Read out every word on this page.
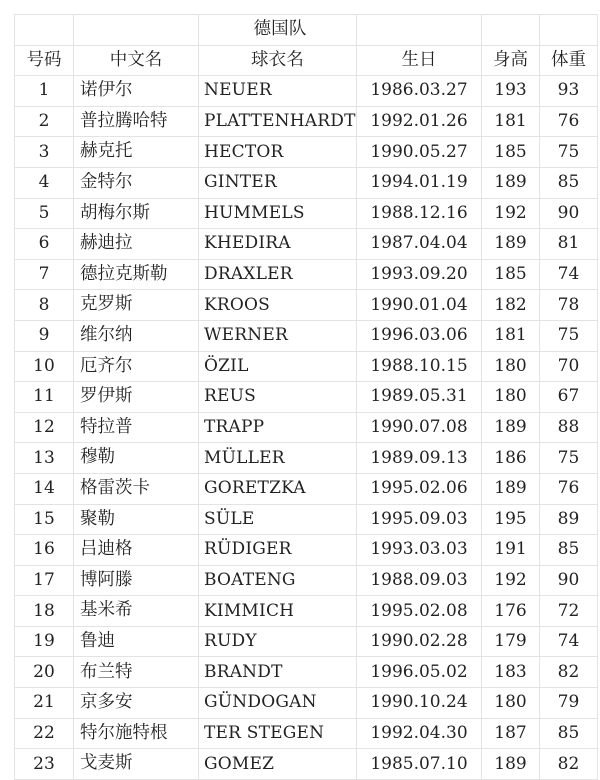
		德国队			
号码	中文名	球衣名	生日	身高	体重
1	诺伊尔	NEUER	1986.03.27	193	93
2	普拉腾哈特	PLATTENHARDT	1992.01.26	181	76
3	赫克托	HECTOR	1990.05.27	185	75
4	金特尔	GINTER	1994.01.19	189	85
5	胡梅尔斯	HUMMELS	1988.12.16	192	90
6	赫迪拉	KHEDIRA	1987.04.04	189	81
7	德拉克斯勒	DRAXLER	1993.09.20	185	74
8	克罗斯	KROOS	1990.01.04	182	78
9	维尔纳	WERNER	1996.03.06	181	75
10	厄齐尔	ÖZIL	1988.10.15	180	70
11	罗伊斯	REUS	1989.05.31	180	67
12	特拉普	TRAPP	1990.07.08	189	88
13	穆勒	MÜLLER	1989.09.13	186	75
14	格雷茨卡	GORETZKA	1995.02.06	189	76
15	聚勒	SÜLE	1995.09.03	195	89
16	吕迪格	RÜDIGER	1993.03.03	191	85
17	博阿滕	BOATENG	1988.09.03	192	90
18	基米希	KIMMICH	1995.02.08	176	72
19	鲁迪	RUDY	1990.02.28	179	74
20	布兰特	BRANDT	1996.05.02	183	82
21	京多安	GÜNDOGAN	1990.10.24	180	79
22	特尔施特根	TER STEGEN	1992.04.30	187	85
23	戈麦斯	GOMEZ	1985.07.10	189	82
